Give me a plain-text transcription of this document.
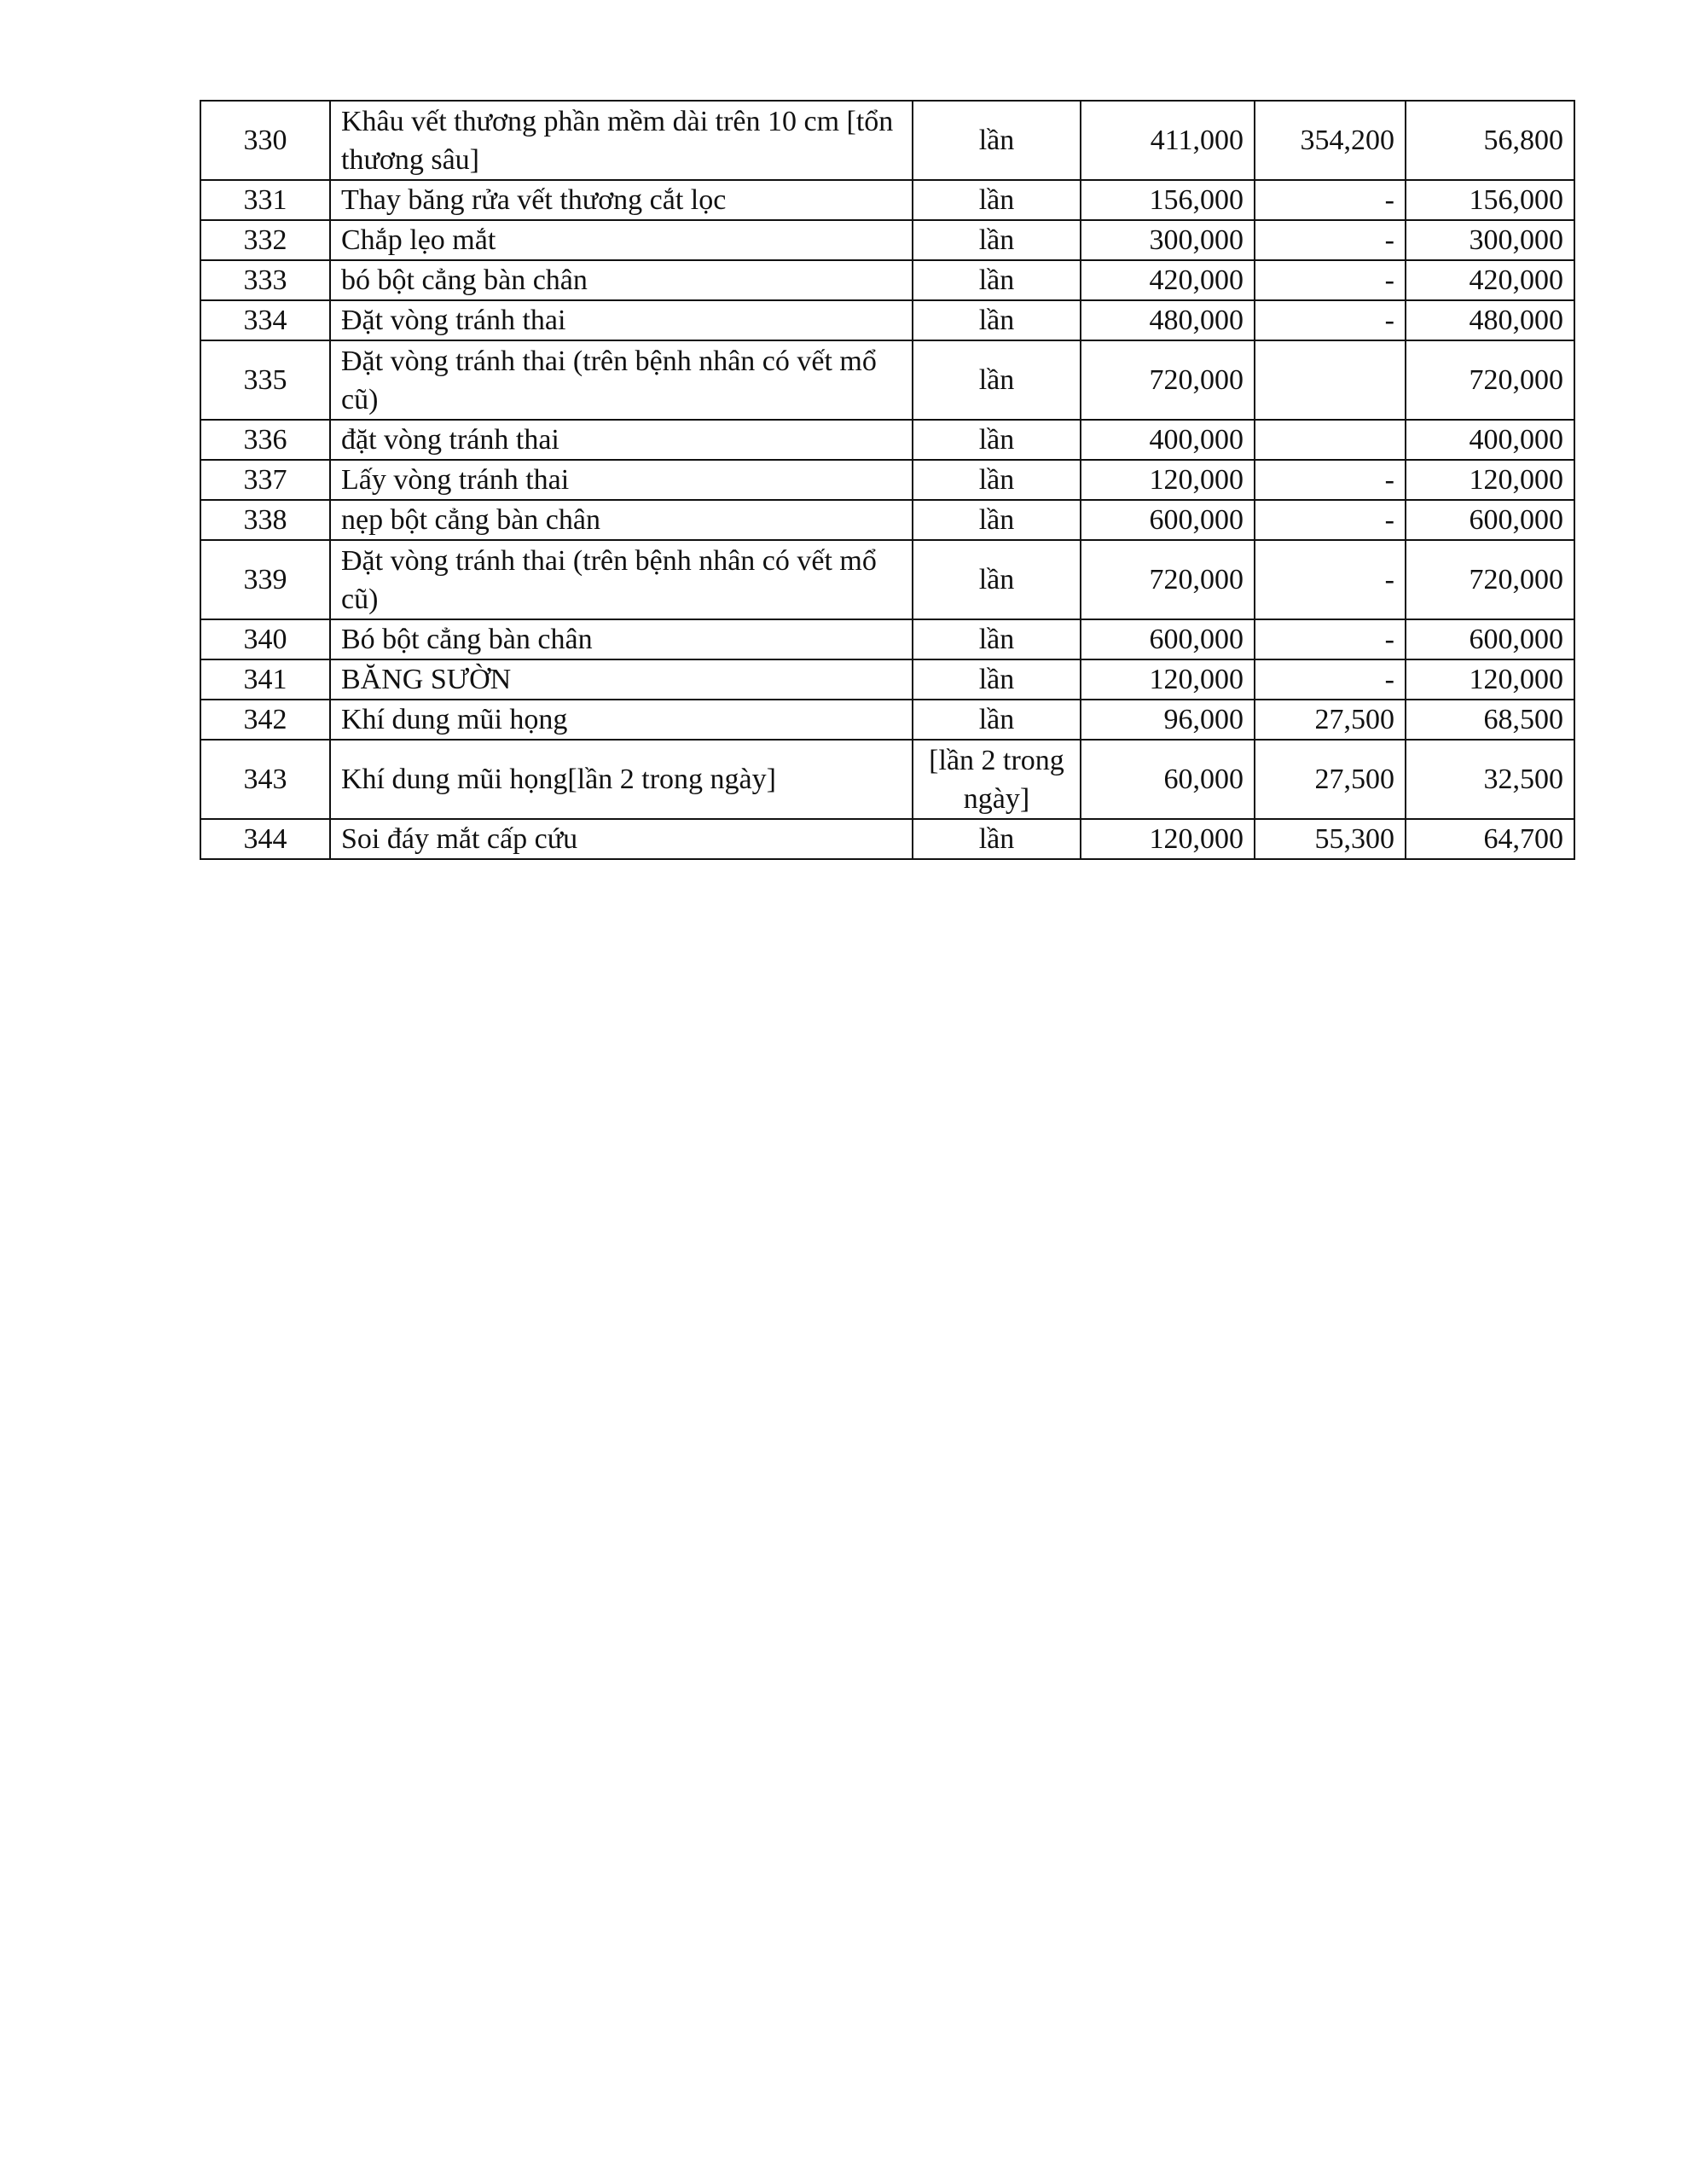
330	Khâu vết thương phần mềm dài trên 10 cm [tổn thương sâu]	lần	411,000	354,200	56,800
331	Thay băng rửa vết thương cắt lọc	lần	156,000	-	156,000
332	Chắp lẹo mắt	lần	300,000	-	300,000
333	bó bột cẳng bàn chân	lần	420,000	-	420,000
334	Đặt vòng tránh thai	lần	480,000	-	480,000
335	Đặt vòng tránh thai (trên bệnh nhân có vết mổ cũ)	lần	720,000		720,000
336	đặt vòng tránh thai	lần	400,000		400,000
337	Lấy vòng tránh thai	lần	120,000	-	120,000
338	nẹp bột cẳng bàn chân	lần	600,000	-	600,000
339	Đặt vòng tránh thai (trên bệnh nhân có vết mổ cũ)	lần	720,000	-	720,000
340	Bó bột cẳng bàn chân	lần	600,000	-	600,000
341	BĂNG SƯỜN	lần	120,000	-	120,000
342	Khí dung mũi họng	lần	96,000	27,500	68,500
343	Khí dung mũi họng[lần 2 trong ngày]	[lần 2 trong ngày]	60,000	27,500	32,500
344	Soi đáy mắt cấp cứu	lần	120,000	55,300	64,700
